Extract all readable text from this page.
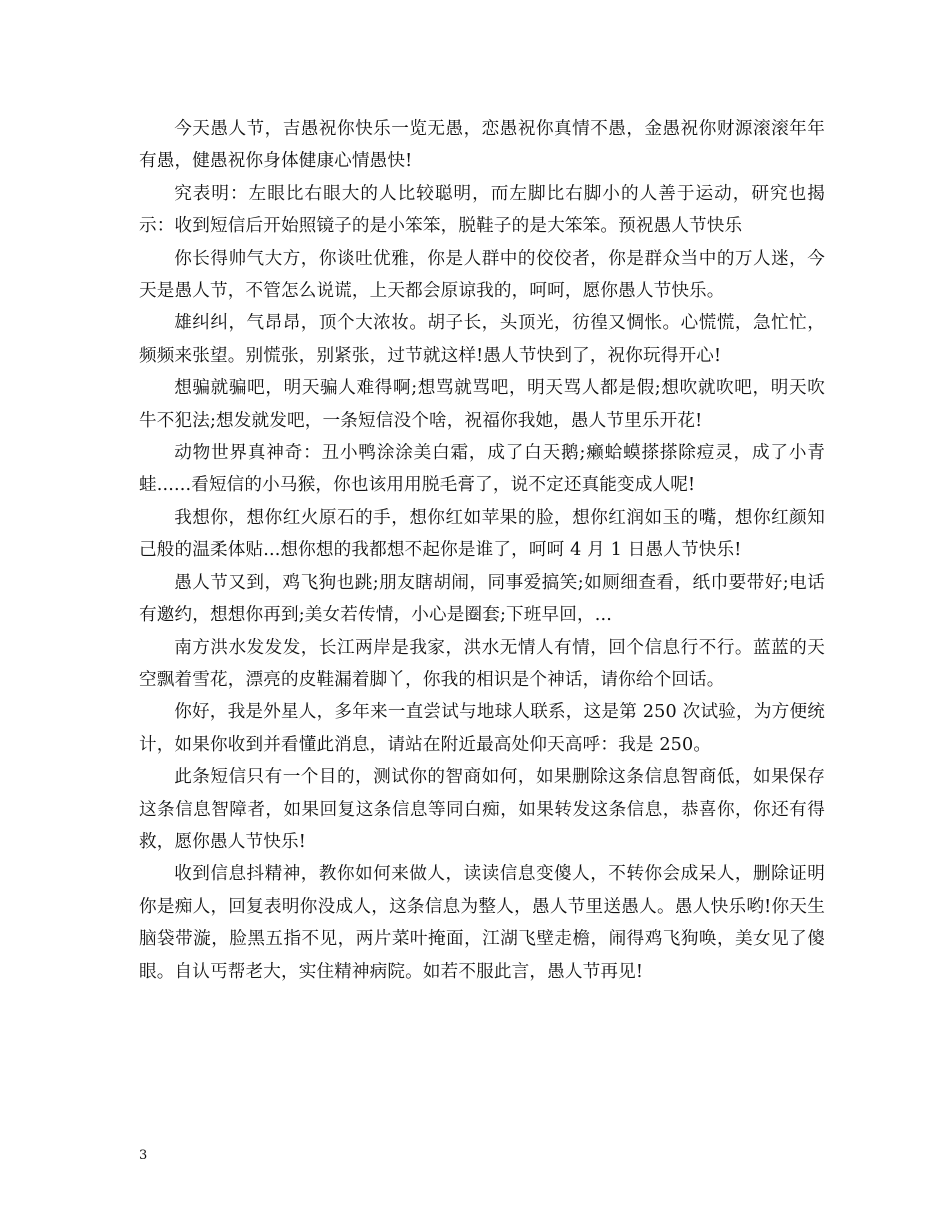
今天愚人节，吉愚祝你快乐一览无愚，恋愚祝你真情不愚，金愚祝你财源滚滚年年有愚，健愚祝你身体健康心情愚快!

究表明：左眼比右眼大的人比较聪明，而左脚比右脚小的人善于运动，研究也揭示：收到短信后开始照镜子的是小笨笨，脱鞋子的是大笨笨。预祝愚人节快乐

你长得帅气大方，你谈吐优雅，你是人群中的佼佼者，你是群众当中的万人迷，今天是愚人节，不管怎么说谎，上天都会原谅我的，呵呵，愿你愚人节快乐。

雄纠纠，气昂昂，顶个大浓妆。胡子长，头顶光，彷徨又惆怅。心慌慌，急忙忙，频频来张望。别慌张，别紧张，过节就这样!愚人节快到了，祝你玩得开心!

想骗就骗吧，明天骗人难得啊;想骂就骂吧，明天骂人都是假;想吹就吹吧，明天吹牛不犯法;想发就发吧，一条短信没个啥，祝福你我她，愚人节里乐开花!

动物世界真神奇：丑小鸭涂涂美白霜，成了白天鹅;癞蛤蟆搽搽除痘灵，成了小青蛙......看短信的小马猴，你也该用用脱毛膏了，说不定还真能变成人呢!

我想你，想你红火原石的手，想你红如苹果的脸，想你红润如玉的嘴，想你红颜知己般的温柔体贴...想你想的我都想不起你是谁了，呵呵 4 月 1 日愚人节快乐!

愚人节又到，鸡飞狗也跳;朋友瞎胡闹，同事爱搞笑;如厕细查看，纸巾要带好;电话有邀约，想想你再到;美女若传情，小心是圈套;下班早回，...

南方洪水发发发，长江两岸是我家，洪水无情人有情，回个信息行不行。蓝蓝的天空飘着雪花，漂亮的皮鞋漏着脚丫，你我的相识是个神话，请你给个回话。

你好，我是外星人，多年来一直尝试与地球人联系，这是第 250 次试验，为方便统计，如果你收到并看懂此消息，请站在附近最高处仰天高呼：我是 250。

此条短信只有一个目的，测试你的智商如何，如果删除这条信息智商低，如果保存这条信息智障者，如果回复这条信息等同白痴，如果转发这条信息，恭喜你，你还有得救，愿你愚人节快乐!

收到信息抖精神，教你如何来做人，读读信息变傻人，不转你会成呆人，删除证明你是痴人，回复表明你没成人，这条信息为整人，愚人节里送愚人。愚人快乐哟!你天生脑袋带漩，脸黑五指不见，两片菜叶掩面，江湖飞壁走檐，闹得鸡飞狗唤，美女见了傻眼。自认丐帮老大，实住精神病院。如若不服此言，愚人节再见!

3
